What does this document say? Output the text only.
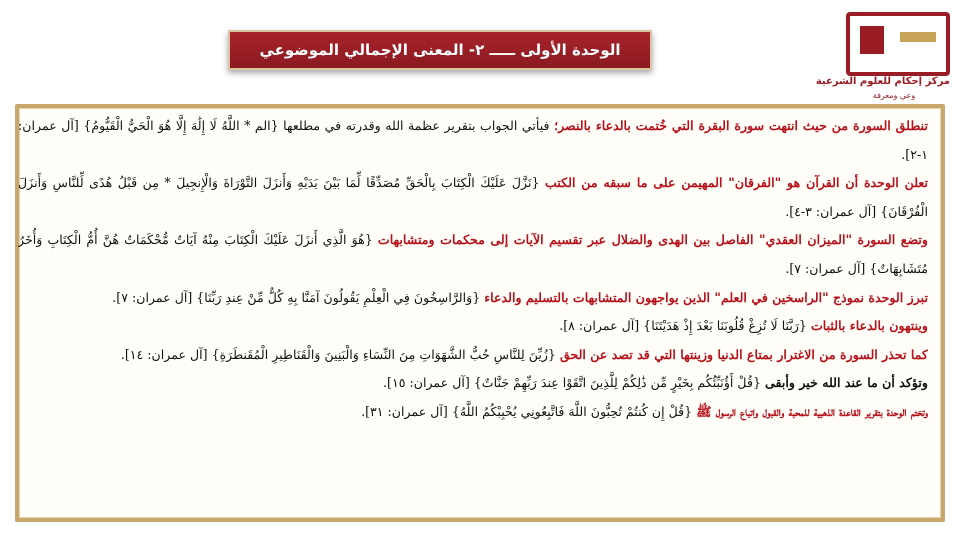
الوحدة الأولى ـــــ ٢- المعنى الإجمالي الموضوعي
مركز إحكام للعلوم الشرعية
وعي ومعرفة

تنطلق السورة من حيث انتهت سورة البقرة التي خُتمت بالدعاء بالنصر؛ فيأتي الجواب بتقرير عظمة الله وقدرته في مطلعها {الم * اللَّهُ لَا إِلَٰهَ إِلَّا هُوَ الْحَيُّ الْقَيُّومُ} [آل عمران: ١-٢].

تعلن الوحدة أن القرآن هو "الفرقان" المهيمن على ما سبقه من الكتب {نَزَّلَ عَلَيْكَ الْكِتَابَ بِالْحَقِّ مُصَدِّقًا لِّمَا بَيْنَ يَدَيْهِ وَأَنزَلَ التَّوْرَاةَ وَالْإِنجِيلَ * مِن قَبْلُ هُدًى لِّلنَّاسِ وَأَنزَلَ الْفُرْقَانَ} [آل عمران: ٣-٤].

وتضع السورة "الميزان العقدي" الفاصل بين الهدى والضلال عبر تقسيم الآيات إلى محكمات ومتشابهات {هُوَ الَّذِي أَنزَلَ عَلَيْكَ الْكِتَابَ مِنْهُ آيَاتٌ مُّحْكَمَاتٌ هُنَّ أُمُّ الْكِتَابِ وَأُخَرُ مُتَشَابِهَاتٌ} [آل عمران: ٧].

تبرز الوحدة نموذج "الراسخين في العلم" الذين يواجهون المتشابهات بالتسليم والدعاء {وَالرَّاسِخُونَ فِي الْعِلْمِ يَقُولُونَ آمَنَّا بِهِ كُلٌّ مِّنْ عِندِ رَبِّنَا} [آل عمران: ٧].

وينتهون بالدعاء بالثبات {رَبَّنَا لَا تُزِغْ قُلُوبَنَا بَعْدَ إِذْ هَدَيْتَنَا} [آل عمران: ٨].

كما تحذر السورة من الاغترار بمتاع الدنيا وزينتها التي قد تصد عن الحق {زُيِّنَ لِلنَّاسِ حُبُّ الشَّهَوَاتِ مِنَ النِّسَاءِ وَالْبَنِينَ وَالْقَنَاطِيرِ الْمُقَنطَرَةِ} [آل عمران: ١٤].

وتؤكد أن ما عند الله خير وأبقى {قُلْ أَؤُنَبِّئُكُم بِخَيْرٍ مِّن ذَٰلِكُمْ لِلَّذِينَ اتَّقَوْا عِندَ رَبِّهِمْ جَنَّاتٌ} [آل عمران: ١٥].

وتختم الوحدة بتقرير القاعدة الذهبية للمحبة والقبول واتباع الرسول ﷺ {قُلْ إِن كُنتُمْ تُحِبُّونَ اللَّهَ فَاتَّبِعُونِي يُحْبِبْكُمُ اللَّهُ} [آل عمران: ٣١].
